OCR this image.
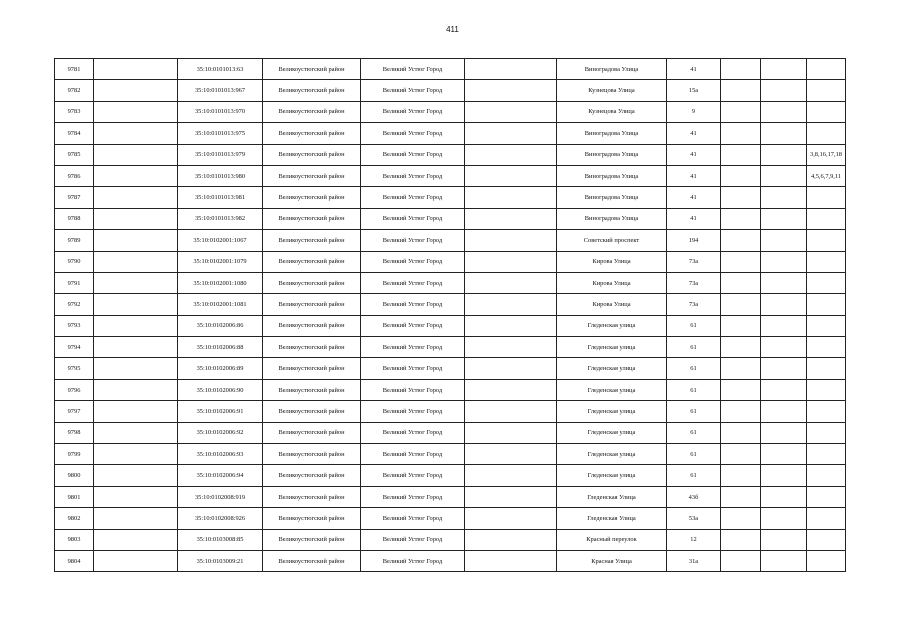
411
9781		35:10:0101013:63	Великоустюгский район	Великий Устюг Город		Виноградова Улица	41			
9782		35:10:0101013:967	Великоустюгский район	Великий Устюг Город		Кузнецова Улица	15а			
9783		35:10:0101013:970	Великоустюгский район	Великий Устюг Город		Кузнецова Улица	9			
9784		35:10:0101013:975	Великоустюгский район	Великий Устюг Город		Виноградова Улица	41			
9785		35:10:0101013:979	Великоустюгский район	Великий Устюг Город		Виноградова Улица	41			3,8,16,17,18
9786		35:10:0101013:980	Великоустюгский район	Великий Устюг Город		Виноградова Улица	41			4,5,6,7,9,11
9787		35:10:0101013:981	Великоустюгский район	Великий Устюг Город		Виноградова Улица	41			
9788		35:10:0101013:982	Великоустюгский район	Великий Устюг Город		Виноградова Улица	41			
9789		35:10:0102001:1067	Великоустюгский район	Великий Устюг Город		Советский проспект	194			
9790		35:10:0102001:1079	Великоустюгский район	Великий Устюг Город		Кирова Улица	73а			
9791		35:10:0102001:1080	Великоустюгский район	Великий Устюг Город		Кирова Улица	73а			
9792		35:10:0102001:1081	Великоустюгский район	Великий Устюг Город		Кирова Улица	73а			
9793		35:10:0102006:86	Великоустюгский район	Великий Устюг Город		Гледенская улица	61			
9794		35:10:0102006:88	Великоустюгский район	Великий Устюг Город		Гледенская улица	61			
9795		35:10:0102006:89	Великоустюгский район	Великий Устюг Город		Гледенская улица	61			
9796		35:10:0102006:90	Великоустюгский район	Великий Устюг Город		Гледенская улица	61			
9797		35:10:0102006:91	Великоустюгский район	Великий Устюг Город		Гледенская улица	61			
9798		35:10:0102006:92	Великоустюгский район	Великий Устюг Город		Гледенская улица	61			
9799		35:10:0102006:93	Великоустюгский район	Великий Устюг Город		Гледенская улица	61			
9800		35:10:0102006:94	Великоустюгский район	Великий Устюг Город		Гледенская улица	61			
9801		35:10:0102008:919	Великоустюгский район	Великий Устюг Город		Гледенская Улица	43б			
9802		35:10:0102008:926	Великоустюгский район	Великий Устюг Город		Гледенская Улица	53а			
9803		35:10:0103008:85	Великоустюгский район	Великий Устюг Город		Красный переулок	12			
9804		35:10:0103009:21	Великоустюгский район	Великий Устюг Город		Красная Улица	31а			
